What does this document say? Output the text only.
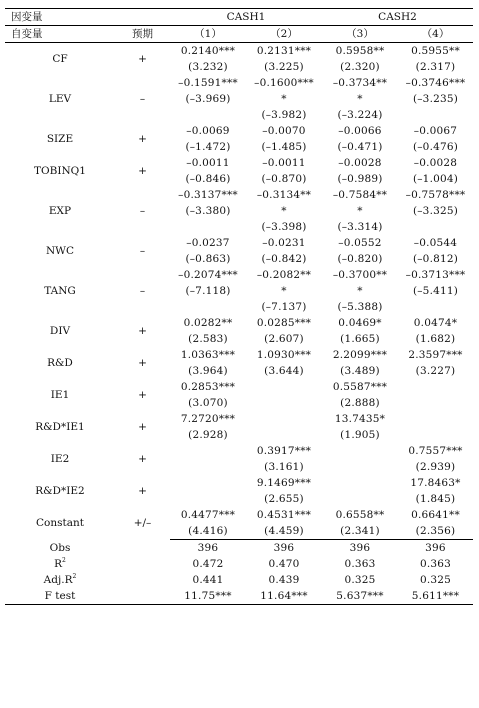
因变量		CASH1		CASH2	
自变量	预期	（1）	（2）	（3）	（4）
CF	+	0.2140***	0.2131***	0.5958**	0.5955**
		(3.232)	(3.225)	(2.320)	(2.317)
LEV	–	–0.1591***	–0.1600***	–0.3734**	–0.3746***
		(–3.969)	*	*	(–3.235)
			(–3.982)	(–3.224)	
SIZE	+	–0.0069	–0.0070	–0.0066	–0.0067
		(–1.472)	(–1.485)	(–0.471)	(–0.476)
TOBINQ1	+	–0.0011	–0.0011	–0.0028	–0.0028
		(–0.846)	(–0.870)	(–0.989)	(–1.004)
EXP	–	–0.3137***	–0.3134**	–0.7584**	–0.7578***
		(–3.380)	*	*	(–3.325)
			(–3.398)	(–3.314)	
NWC	–	–0.0237	–0.0231	–0.0552	–0.0544
		(–0.863)	(–0.842)	(–0.820)	(–0.812)
TANG	–	–0.2074***	–0.2082**	–0.3700**	–0.3713***
		(–7.118)	*	*	(–5.411)
			(–7.137)	(–5.388)	
DIV	+	0.0282**	0.0285***	0.0469*	0.0474*
		(2.583)	(2.607)	(1.665)	(1.682)
R&D	+	1.0363***	1.0930***	2.2099***	2.3597***
		(3.964)	(3.644)	(3.489)	(3.227)
IE1	+	0.2853***		0.5587***	
		(3.070)		(2.888)	
R&D*IE1	+	7.2720***		13.7435*	
		(2.928)		(1.905)	
IE2	+		0.3917***		0.7557***
			(3.161)		(2.939)
R&D*IE2	+		9.1469***		17.8463*
			(2.655)		(1.845)
Constant	+/–	0.4477***	0.4531***	0.6558**	0.6641**
		(4.416)	(4.459)	(2.341)	(2.356)
Obs		396	396	396	396
$R^2$		0.472	0.470	0.363	0.363
$Adj.R^2$		0.441	0.439	0.325	0.325
F test		11.75***	11.64***	5.637***	5.611***
